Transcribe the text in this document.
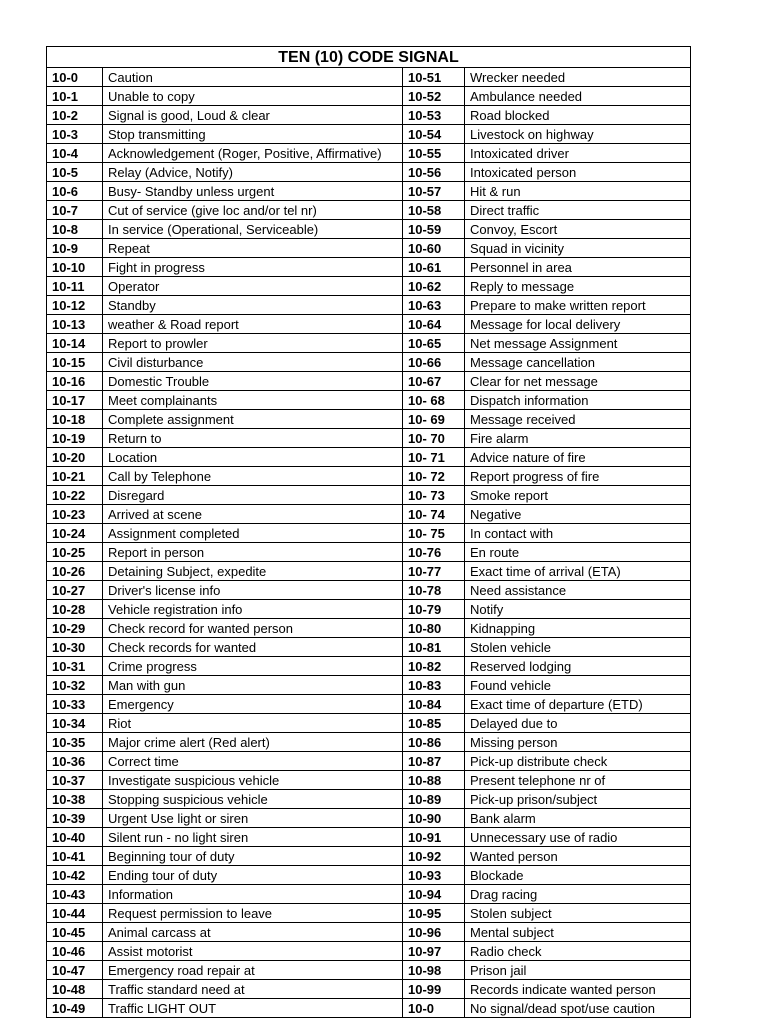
TEN (10) CODE SIGNAL			
10-0	Caution	10-51	Wrecker needed
10-1	Unable to copy	10-52	Ambulance needed
10-2	Signal is good, Loud & clear	10-53	Road blocked
10-3	Stop transmitting	10-54	Livestock on highway
10-4	Acknowledgement (Roger, Positive, Affirmative)	10-55	Intoxicated driver
10-5	Relay (Advice, Notify)	10-56	Intoxicated person
10-6	Busy- Standby unless urgent	10-57	Hit & run
10-7	Cut of service (give loc and/or tel nr)	10-58	Direct traffic
10-8	In service (Operational, Serviceable)	10-59	Convoy, Escort
10-9	Repeat	10-60	Squad in vicinity
10-10	Fight in progress	10-61	Personnel in area
10-11	Operator	10-62	Reply to message
10-12	Standby	10-63	Prepare to make written report
10-13	weather & Road report	10-64	Message for local delivery
10-14	Report to prowler	10-65	Net message Assignment
10-15	Civil disturbance	10-66	Message cancellation
10-16	Domestic Trouble	10-67	Clear for net message
10-17	Meet complainants	10- 68	Dispatch information
10-18	Complete assignment	10- 69	Message received
10-19	Return to	10- 70	Fire alarm
10-20	Location	10- 71	Advice nature of fire
10-21	Call by Telephone	10- 72	Report progress of fire
10-22	Disregard	10- 73	Smoke report
10-23	Arrived at scene	10- 74	Negative
10-24	Assignment completed	10- 75	In contact with
10-25	Report in person	10-76	En route
10-26	Detaining Subject, expedite	10-77	Exact time of arrival (ETA)
10-27	Driver's license info	10-78	Need assistance
10-28	Vehicle registration info	10-79	Notify
10-29	Check record for wanted person	10-80	Kidnapping
10-30	Check records for wanted	10-81	Stolen vehicle
10-31	Crime progress	10-82	Reserved lodging
10-32	Man with gun	10-83	Found vehicle
10-33	Emergency	10-84	Exact time of departure (ETD)
10-34	Riot	10-85	Delayed due to
10-35	Major crime alert (Red alert)	10-86	Missing person
10-36	Correct time	10-87	Pick-up distribute check
10-37	Investigate suspicious vehicle	10-88	Present telephone nr of
10-38	Stopping suspicious vehicle	10-89	Pick-up prison/subject
10-39	Urgent Use light or siren	10-90	Bank alarm
10-40	Silent run - no light siren	10-91	Unnecessary use of radio
10-41	Beginning tour of duty	10-92	Wanted person
10-42	Ending tour of duty	10-93	Blockade
10-43	Information	10-94	Drag racing
10-44	Request permission to leave	10-95	Stolen subject
10-45	Animal carcass at	10-96	Mental subject
10-46	Assist motorist	10-97	Radio check
10-47	Emergency road repair at	10-98	Prison jail
10-48	Traffic standard need at	10-99	Records indicate wanted person
10-49	Traffic LIGHT OUT	10-0	No signal/dead spot/use caution
